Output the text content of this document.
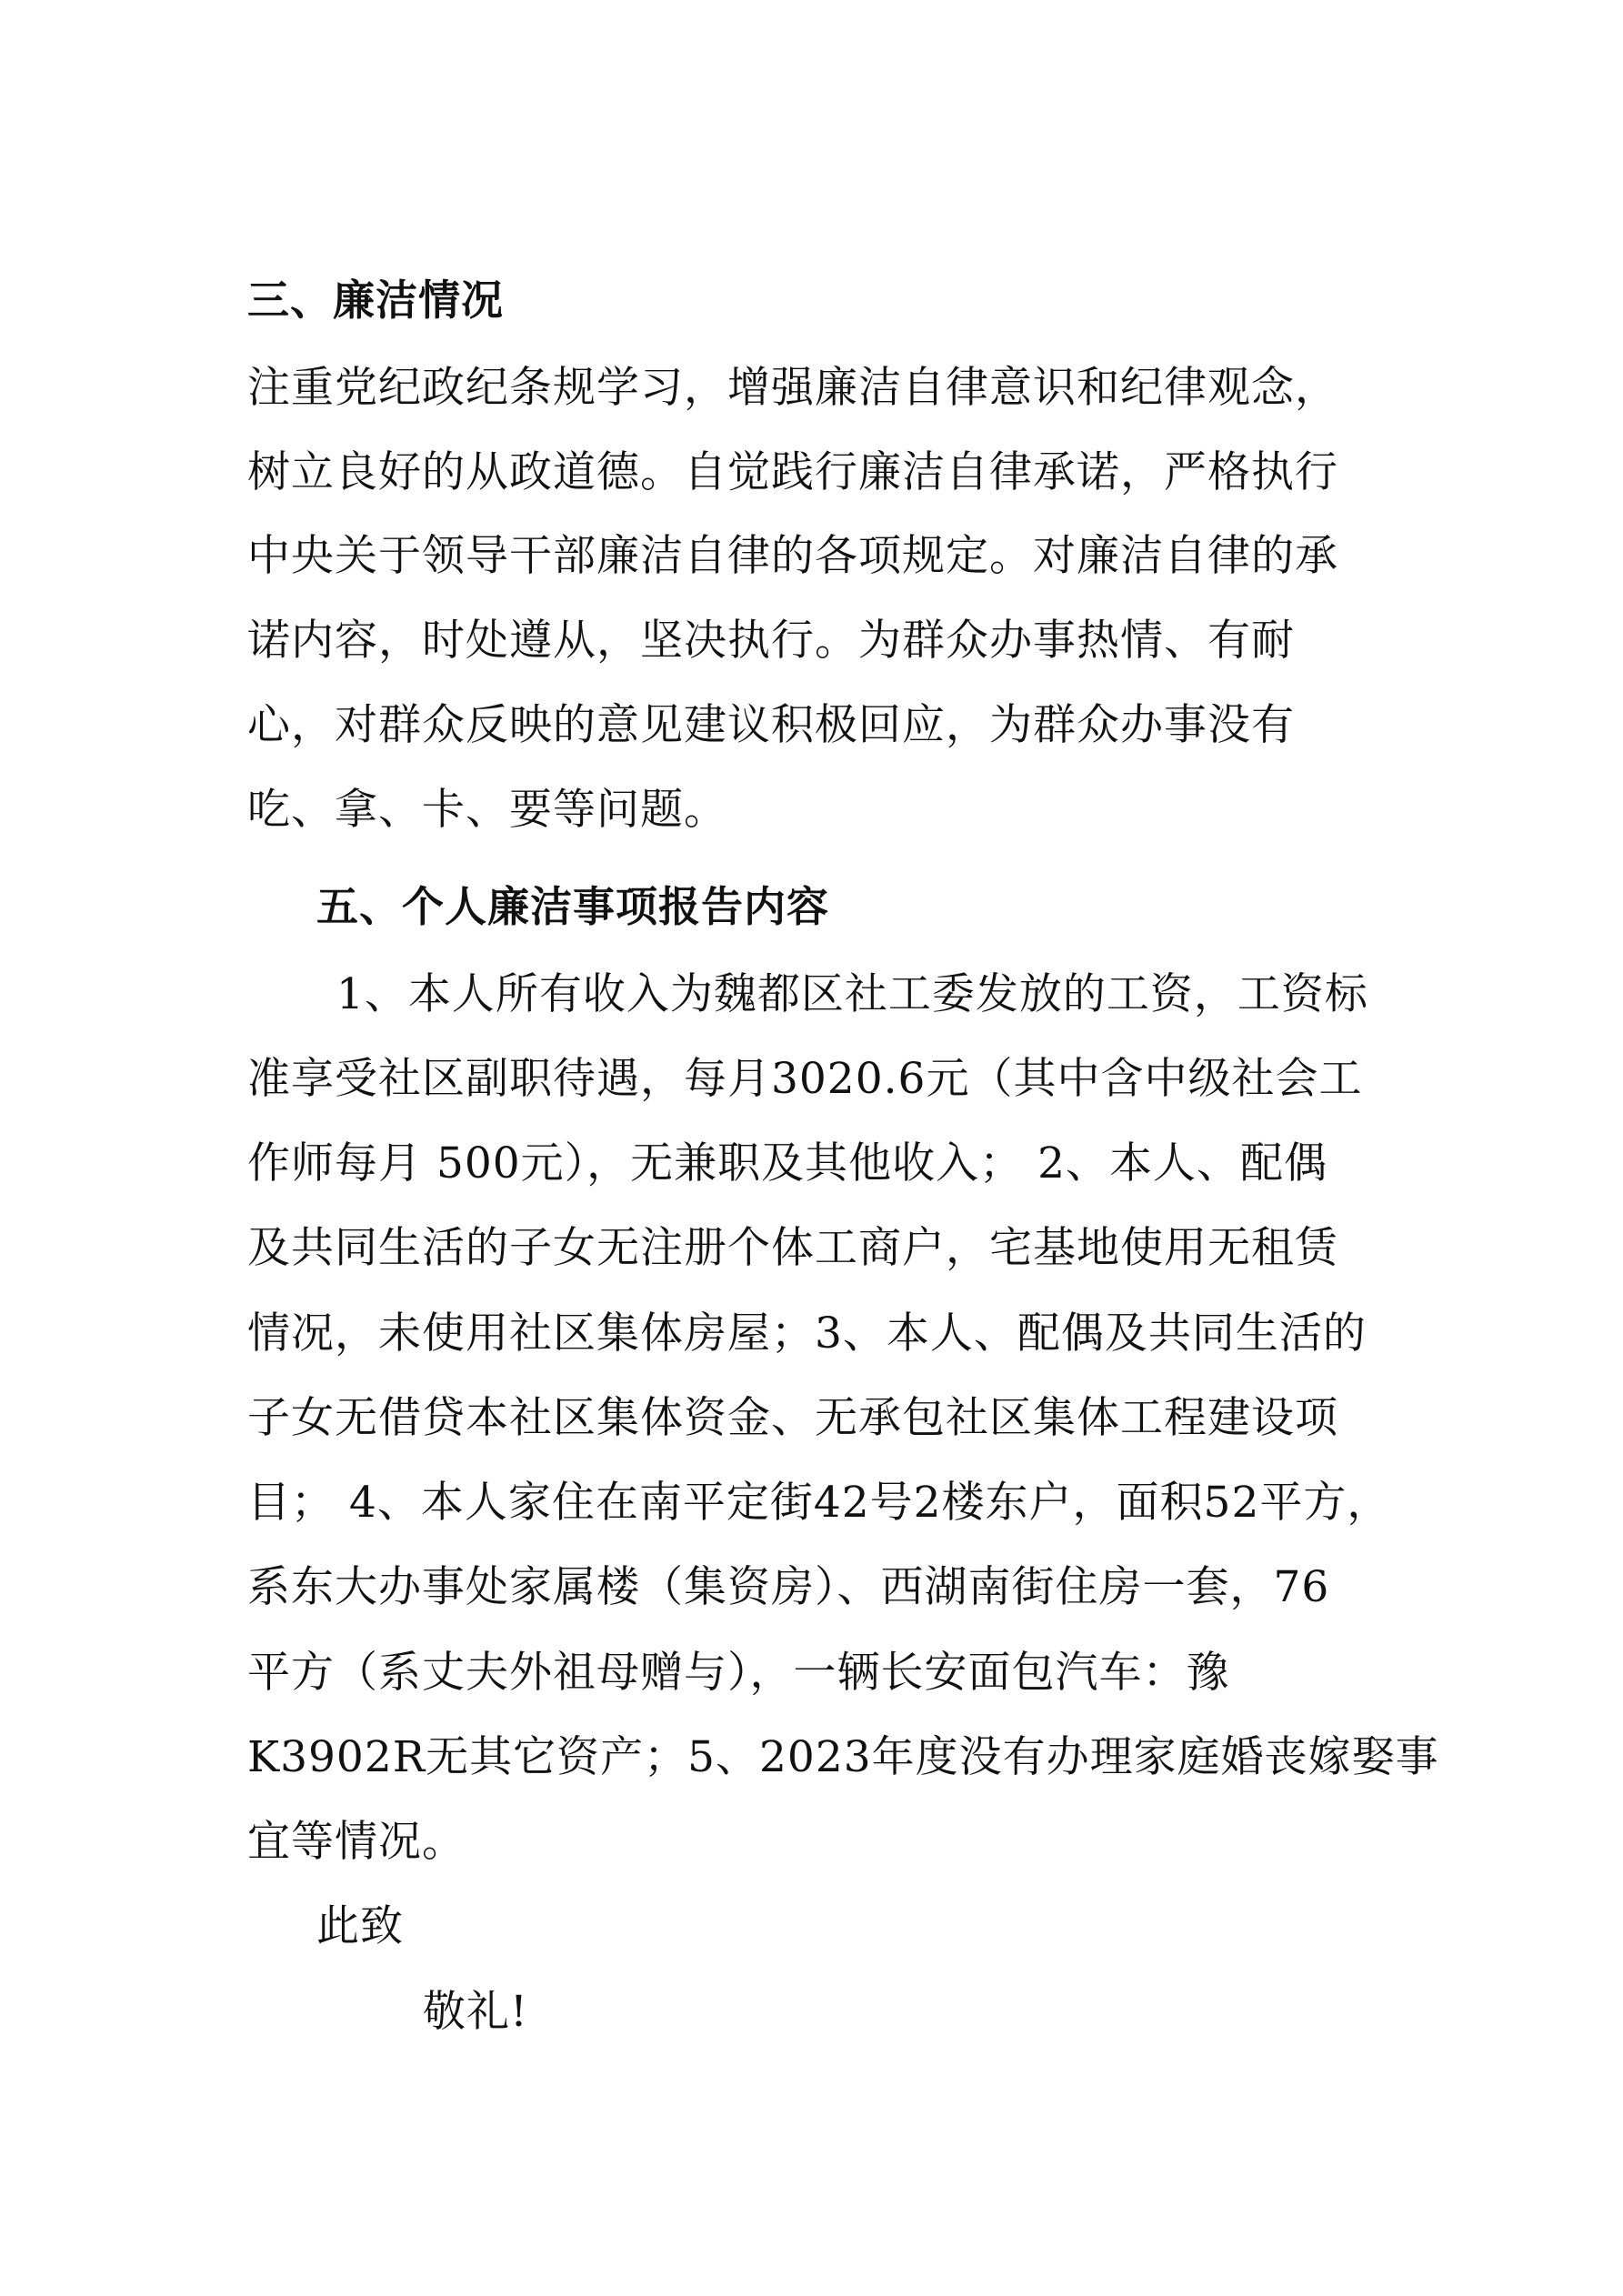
三、廉洁情况
注重党纪政纪条规学习，增强廉洁自律意识和纪律观念，
树立良好的从政道德。自觉践行廉洁自律承诺，严格执行
中央关于领导干部廉洁自律的各项规定。对廉洁自律的承
诺内容，时处遵从，坚决执行。为群众办事热情、有耐
心，对群众反映的意见建议积极回应，为群众办事没有
吃、拿、卡、要等问题。
五、个人廉洁事项报告内容
1、本人所有收入为魏都区社工委发放的工资，工资标
准享受社区副职待遇，每月3020.6元（其中含中级社会工
作师每月 500元），无兼职及其他收入； 2、本人、配偶
及共同生活的子女无注册个体工商户，宅基地使用无租赁
情况，未使用社区集体房屋；3、本人、配偶及共同生活的
子女无借贷本社区集体资金、无承包社区集体工程建设项
目； 4、本人家住在南平定街42号2楼东户，面积52平方，
系东大办事处家属楼（集资房）、西湖南街住房一套，76
平方（系丈夫外祖母赠与），一辆长安面包汽车：豫
K3902R无其它资产；5、2023年度没有办理家庭婚丧嫁娶事
宜等情况。
此致
敬礼!
